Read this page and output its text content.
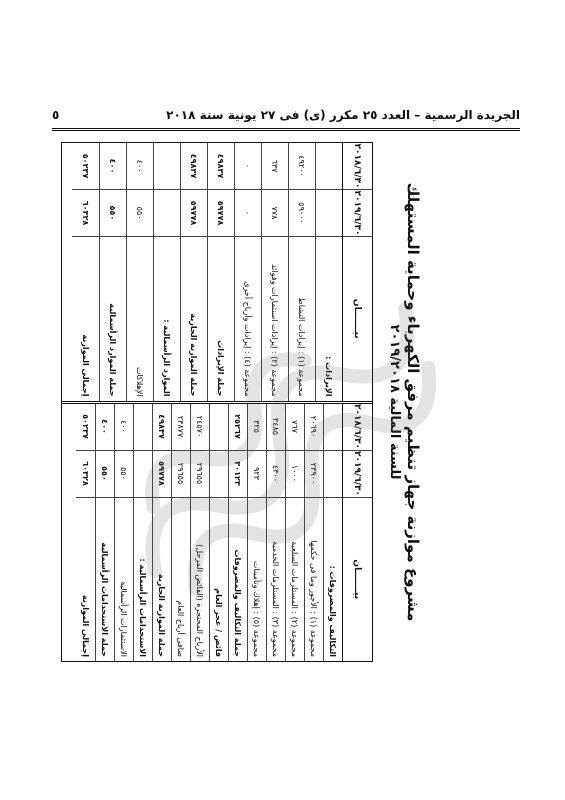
الجريدة الرسمية – العدد ٢٥ مكرر (ى) فى ٢٧ يونية سنة ٢٠١٨
٥
مشروع موازنة جهاز تنظيم مرفق الكهرباء وحماية المستهلك
للسنة المالية ٢٠١٩/٢٠١٨
بيـــــــان
٢٠١٩/٦/٣٠
٢٠١٨/٦/٣٠
التكاليف والمصروفات :
مجموعة (١) : الأجور وما فى حكمها
٢٣٩٠٠
٢٠٦٩٠
مجموعة (٢) : المستلزمات السلعية
١٠٠٠
٧٦٧
مجموعة (٣) : المستلزمات الخدمية
٤٣٠٠
٣٤٨٥
مجموعة (٥) : إهلاك وتأمينات
٩٢٣
٣٢٥
جملة التكاليف والمصروفات
٣٠١٢٣
٢٥٢٦٧
فائض / عجز العام
الأرباح المحتجزة (الفائض المرحل)
٢٩٦٥٥
٢٤٥٧٠
صافى أرباح العام
٢٩٦٥٥
٢٣٨٧٧
جملة الموازنة الجارية
٥٩٧٧٨
٤٩٨٣٧
الاستخدامات الرأسمالية :
الاستثمارات الرأسمالية
٥٥٠
٤٠٠
جملة الاستخدامات الرأسمالية
٥٥٠
٤٠٠
إجمالى الموازنة
٦٠٣٢٨
٥٠٢٣٧
بيـــــــان
٢٠١٩/٦/٣٠
٢٠١٨/٦/٣٠
الإيرادات :
مجموعة (١) : إيرادات النشاط
٥٩٠٠٠
٤٩٢٠٠
مجموعة (٢) : إيرادات استثمارات وفوائد
٧٧٨
٦٣٧
مجموعة (٤) : إيرادات وأرباح أخرى
٠
٠
جملة الإيرادات
٥٩٧٧٨
٤٩٨٣٧
جملة الموازنة الجارية
٥٩٧٧٨
٤٩٨٣٧
الموارد الرأسمالية :
الإهلاكات
٥٥٠
٤٠٠
جملة الموارد الرأسمالية
٥٥٠
٤٠٠
إجمالى الموازنة
٦٠٣٢٨
٥٠٢٣٧
